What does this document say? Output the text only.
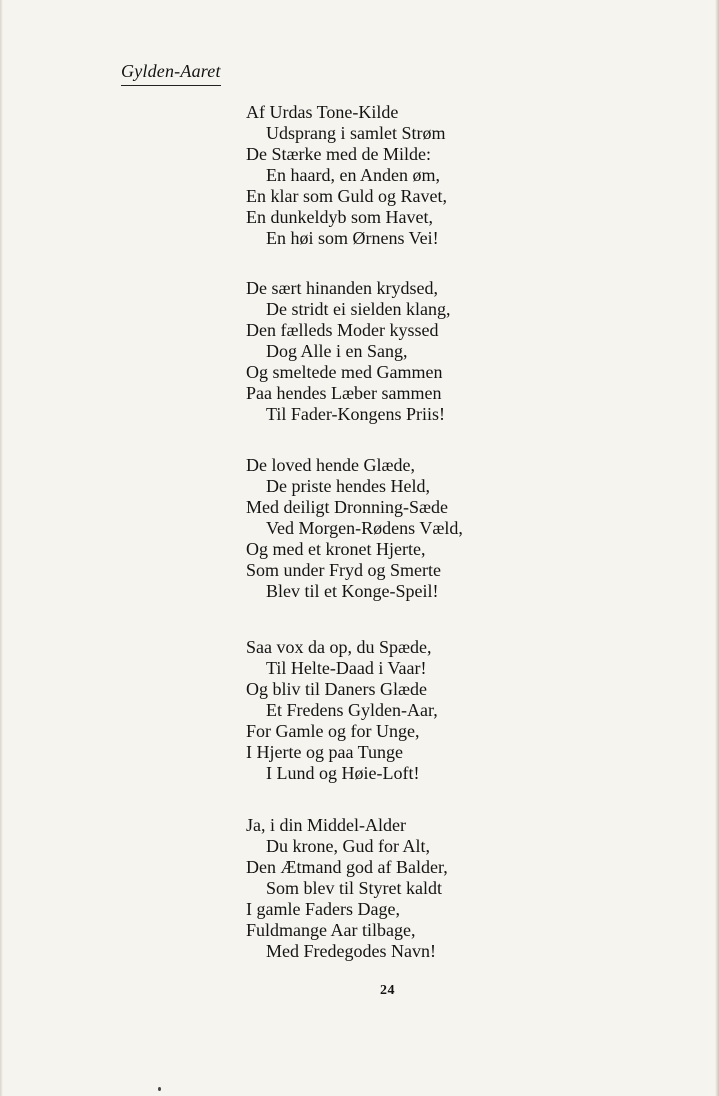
Gylden-Aaret
Af Urdas Tone-Kilde
Udsprang i samlet Strøm
De Stærke med de Milde:
En haard, en Anden øm,
En klar som Guld og Ravet,
En dunkeldyb som Havet,
En høi som Ørnens Vei!
De sært hinanden krydsed,
De stridt ei sielden klang,
Den fælleds Moder kyssed
Dog Alle i en Sang,
Og smeltede med Gammen
Paa hendes Læber sammen
Til Fader-Kongens Priis!
De loved hende Glæde,
De priste hendes Held,
Med deiligt Dronning-Sæde
Ved Morgen-Rødens Væld,
Og med et kronet Hjerte,
Som under Fryd og Smerte
Blev til et Konge-Speil!
Saa vox da op, du Spæde,
Til Helte-Daad i Vaar!
Og bliv til Daners Glæde
Et Fredens Gylden-Aar,
For Gamle og for Unge,
I Hjerte og paa Tunge
I Lund og Høie-Loft!
Ja, i din Middel-Alder
Du krone, Gud for Alt,
Den Ætmand god af Balder,
Som blev til Styret kaldt
I gamle Faders Dage,
Fuldmange Aar tilbage,
Med Fredegodes Navn!
24
